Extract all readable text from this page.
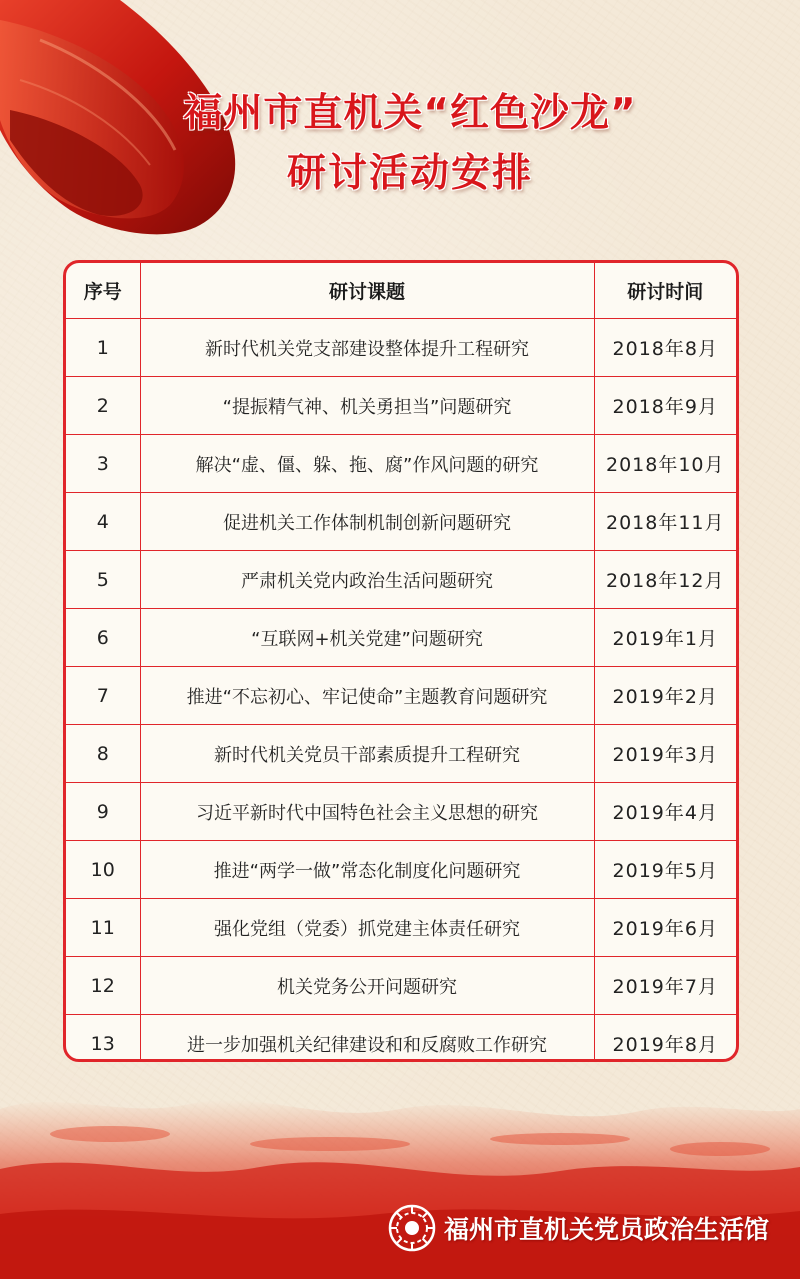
福州市直机关“红色沙龙”
研讨活动安排
序号	研讨课题	研讨时间
1	新时代机关党支部建设整体提升工程研究	2018年8月
2	“提振精气神、机关勇担当”问题研究	2018年9月
3	解决“虚、僵、躲、拖、腐”作风问题的研究	2018年10月
4	促进机关工作体制机制创新问题研究	2018年11月
5	严肃机关党内政治生活问题研究	2018年12月
6	“互联网+机关党建”问题研究	2019年1月
7	推进“不忘初心、牢记使命”主题教育问题研究	2019年2月
8	新时代机关党员干部素质提升工程研究	2019年3月
9	习近平新时代中国特色社会主义思想的研究	2019年4月
10	推进“两学一做”常态化制度化问题研究	2019年5月
11	强化党组（党委）抓党建主体责任研究	2019年6月
12	机关党务公开问题研究	2019年7月
13	进一步加强机关纪律建设和和反腐败工作研究	2019年8月
福州市直机关党员政治生活馆
